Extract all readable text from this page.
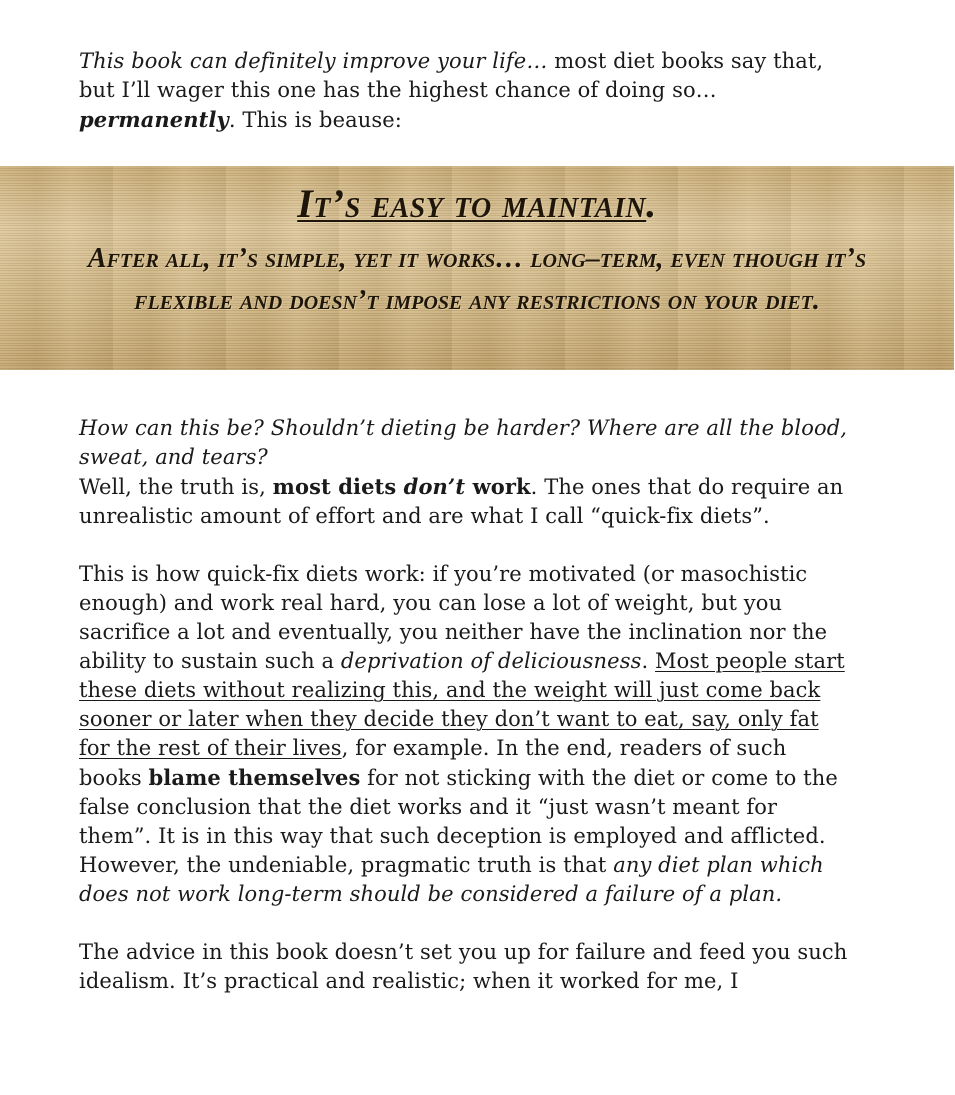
This book can definitely improve your life… most diet books say that, but I’ll wager this one has the highest chance of doing so… permanently. This is beause:

It’s easy to maintain.
After all, it’s simple, yet it works… long–term, even though it’s flexible and doesn’t impose any restrictions on your diet.

How can this be? Shouldn’t dieting be harder? Where are all the blood, sweat, and tears?
Well, the truth is, most diets don’t work. The ones that do require an unrealistic amount of effort and are what I call “quick-fix diets”.

This is how quick-fix diets work: if you’re motivated (or masochistic enough) and work real hard, you can lose a lot of weight, but you sacrifice a lot and eventually, you neither have the inclination nor the ability to sustain such a deprivation of deliciousness. Most people start these diets without realizing this, and the weight will just come back sooner or later when they decide they don’t want to eat, say, only fat for the rest of their lives, for example. In the end, readers of such books blame themselves for not sticking with the diet or come to the false conclusion that the diet works and it “just wasn’t meant for them”. It is in this way that such deception is employed and afflicted. However, the undeniable, pragmatic truth is that any diet plan which does not work long-term should be considered a failure of a plan.

The advice in this book doesn’t set you up for failure and feed you such idealism. It’s practical and realistic; when it worked for me, I
